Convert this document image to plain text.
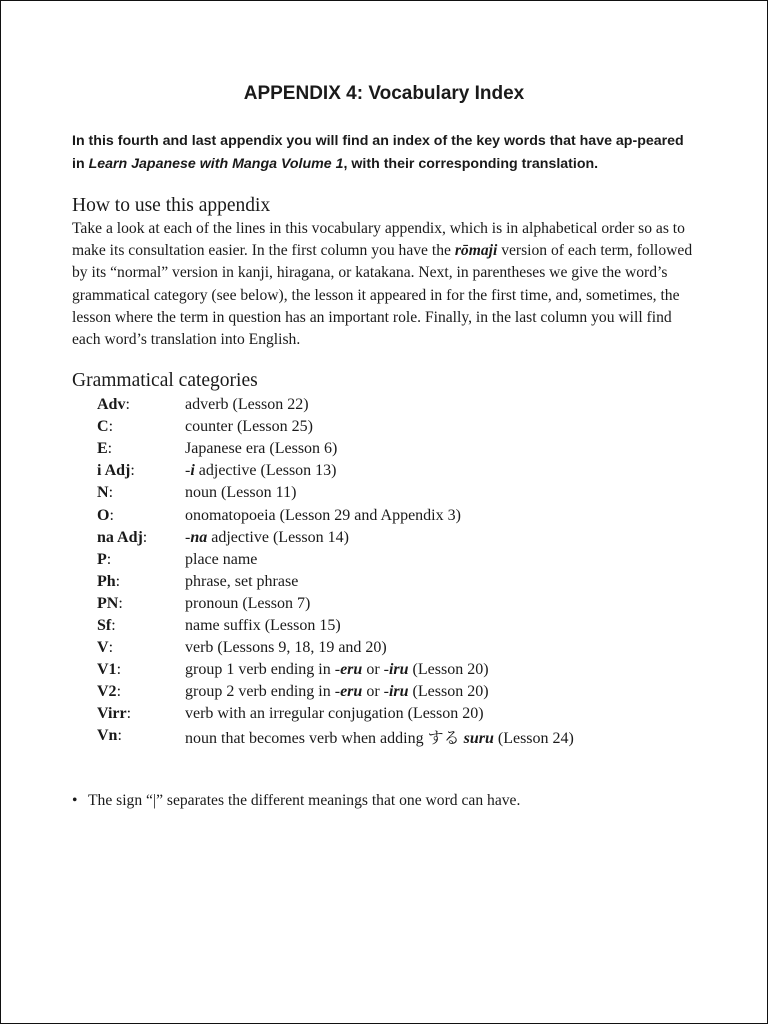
APPENDIX 4: Vocabulary Index
In this fourth and last appendix you will find an index of the key words that have ap-peared in Learn Japanese with Manga Volume 1, with their corresponding translation.
How to use this appendix
Take a look at each of the lines in this vocabulary appendix, which is in alphabetical order so as to make its consultation easier. In the first column you have the rōmaji version of each term, followed by its “normal” version in kanji, hiragana, or katakana. Next, in parentheses we give the word’s grammatical category (see below), the lesson it appeared in for the first time, and, sometimes, the lesson where the term in question has an important role. Finally, in the last column you will find each word’s translation into English.
Grammatical categories
Adv:	adverb (Lesson 22)
C:	counter (Lesson 25)
E:	Japanese era (Lesson 6)
i Adj:	-i adjective (Lesson 13)
N:	noun (Lesson 11)
O:	onomatopoeia (Lesson 29 and Appendix 3)
na Adj:	-na adjective (Lesson 14)
P:	place name
Ph:	phrase, set phrase
PN:	pronoun (Lesson 7)
Sf:	name suffix (Lesson 15)
V:	verb (Lessons 9, 18, 19 and 20)
V1:	group 1 verb ending in -eru or -iru (Lesson 20)
V2:	group 2 verb ending in -eru or -iru (Lesson 20)
Virr:	verb with an irregular conjugation (Lesson 20)
Vn:	noun that becomes verb when adding する suru (Lesson 24)
• The sign “|” separates the different meanings that one word can have.
